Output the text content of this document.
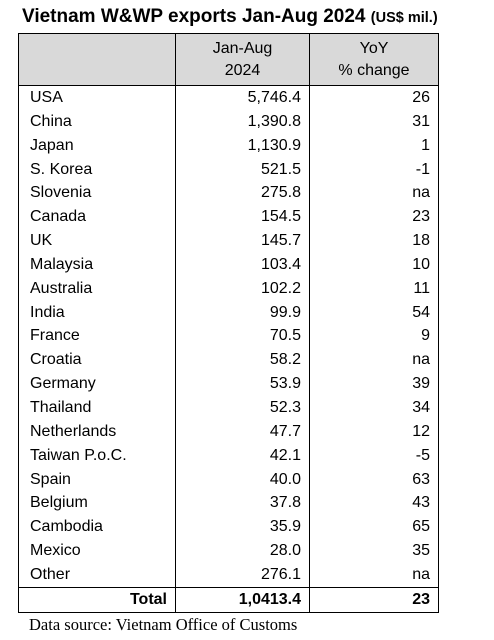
Vietnam W&WP exports Jan-Aug 2024 (US$ mil.)
	Jan-Aug
2024	YoY
% change
USA	5,746.4	26
China	1,390.8	31
Japan	1,130.9	1
S. Korea	521.5	-1
Slovenia	275.8	na
Canada	154.5	23
UK	145.7	18
Malaysia	103.4	10
Australia	102.2	11
India	99.9	54
France	70.5	9
Croatia	58.2	na
Germany	53.9	39
Thailand	52.3	34
Netherlands	47.7	12
Taiwan P.o.C.	42.1	-5
Spain	40.0	63
Belgium	37.8	43
Cambodia	35.9	65
Mexico	28.0	35
Other	276.1	na
Total	1,0413.4	23
Data source: Vietnam Office of Customs
